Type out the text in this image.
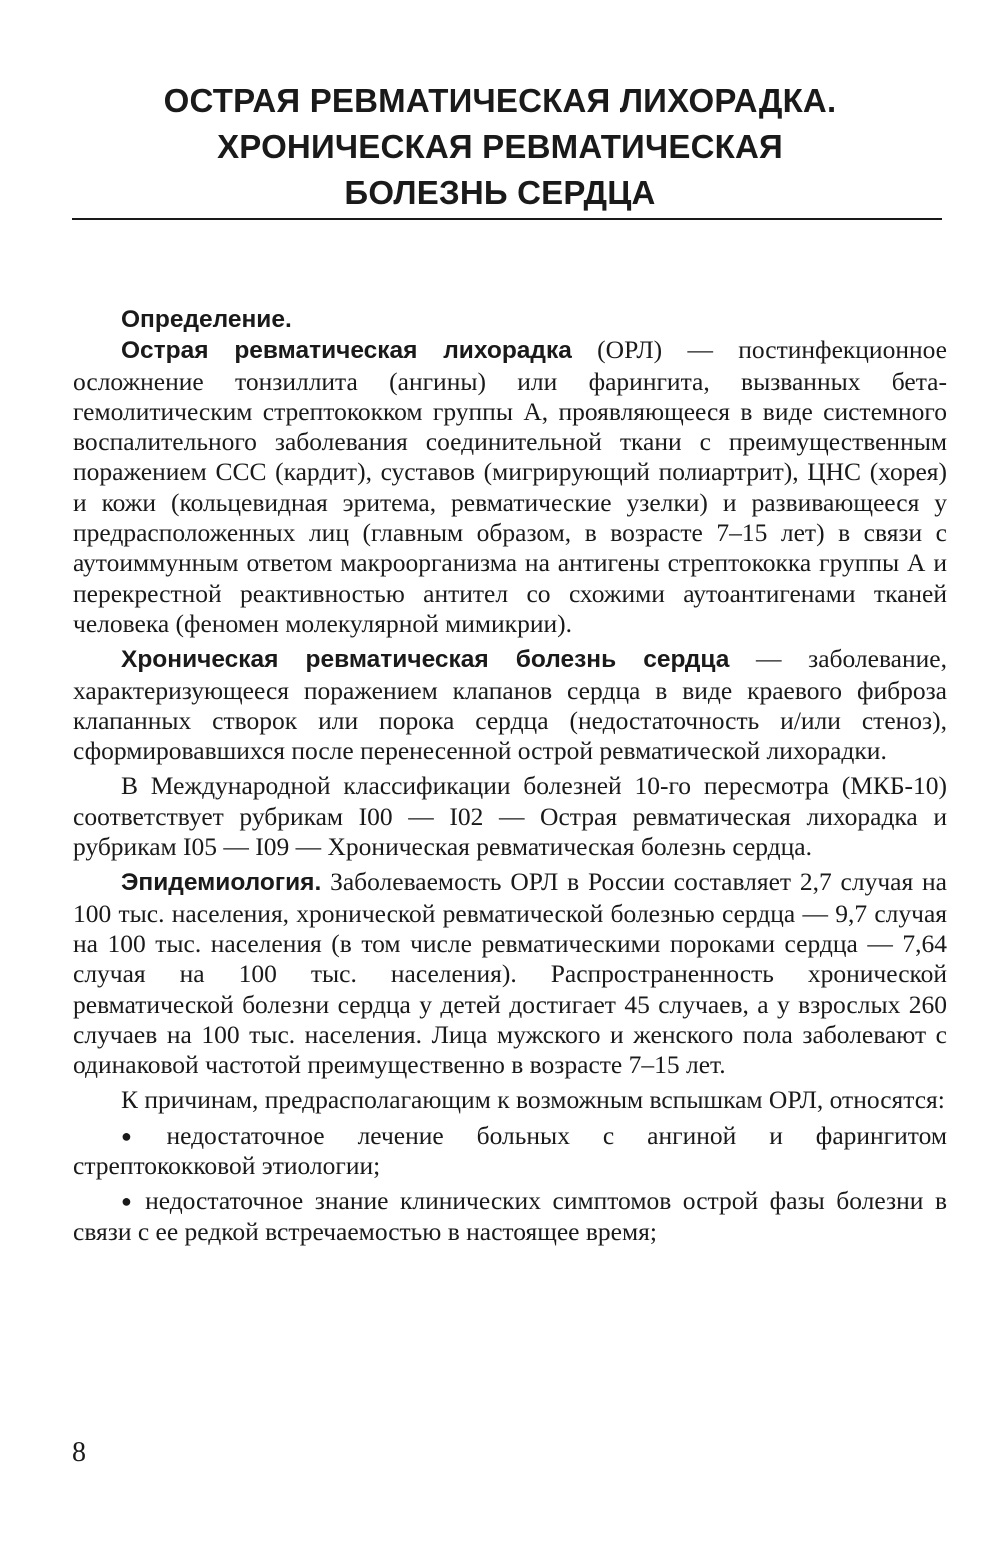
ОСТРАЯ РЕВМАТИЧЕСКАЯ ЛИХОРАДКА.
ХРОНИЧЕСКАЯ РЕВМАТИЧЕСКАЯ
БОЛЕЗНЬ СЕРДЦА

Определение.

Острая ревматическая лихорадка (ОРЛ) — постинфекционное осложнение тонзиллита (ангины) или фарингита, вызванных бета-гемолитическим стрептококком группы А, проявляющееся в виде системного воспалительного заболевания соединительной ткани с преимущественным поражением ССС (кардит), суставов (мигрирующий полиартрит), ЦНС (хорея) и кожи (кольцевидная эритема, ревматические узелки) и развивающееся у предрасположенных лиц (главным образом, в возрасте 7–15 лет) в связи с аутоиммунным ответом макроорганизма на антигены стрептококка группы А и перекрестной реактивностью антител со схожими аутоантигенами тканей человека (феномен молекулярной мимикрии).

Хроническая ревматическая болезнь сердца — заболевание, характеризующееся поражением клапанов сердца в виде краевого фиброза клапанных створок или порока сердца (недостаточность и/или стеноз), сформировавшихся после перенесенной острой ревматической лихорадки.

В Международной классификации болезней 10-го пересмотра (МКБ-10) соответствует рубрикам I00 — I02 — Острая ревматическая лихорадка и рубрикам I05 — I09 — Хроническая ревматическая болезнь сердца.

Эпидемиология. Заболеваемость ОРЛ в России составляет 2,7 случая на 100 тыс. населения, хронической ревматической болезнью сердца — 9,7 случая на 100 тыс. населения (в том числе ревматическими пороками сердца — 7,64 случая на 100 тыс. населения). Распространенность хронической ревматической болезни сердца у детей достигает 45 случаев, а у взрослых 260 случаев на 100 тыс. населения. Лица мужского и женского пола заболевают с одинаковой частотой преимущественно в возрасте 7–15 лет.

К причинам, предрасполагающим к возможным вспышкам ОРЛ, относятся:

● недостаточное лечение больных с ангиной и фарингитом стрептококковой этиологии;
● недостаточное знание клинических симптомов острой фазы болезни в связи с ее редкой встречаемостью в настоящее время;
8
